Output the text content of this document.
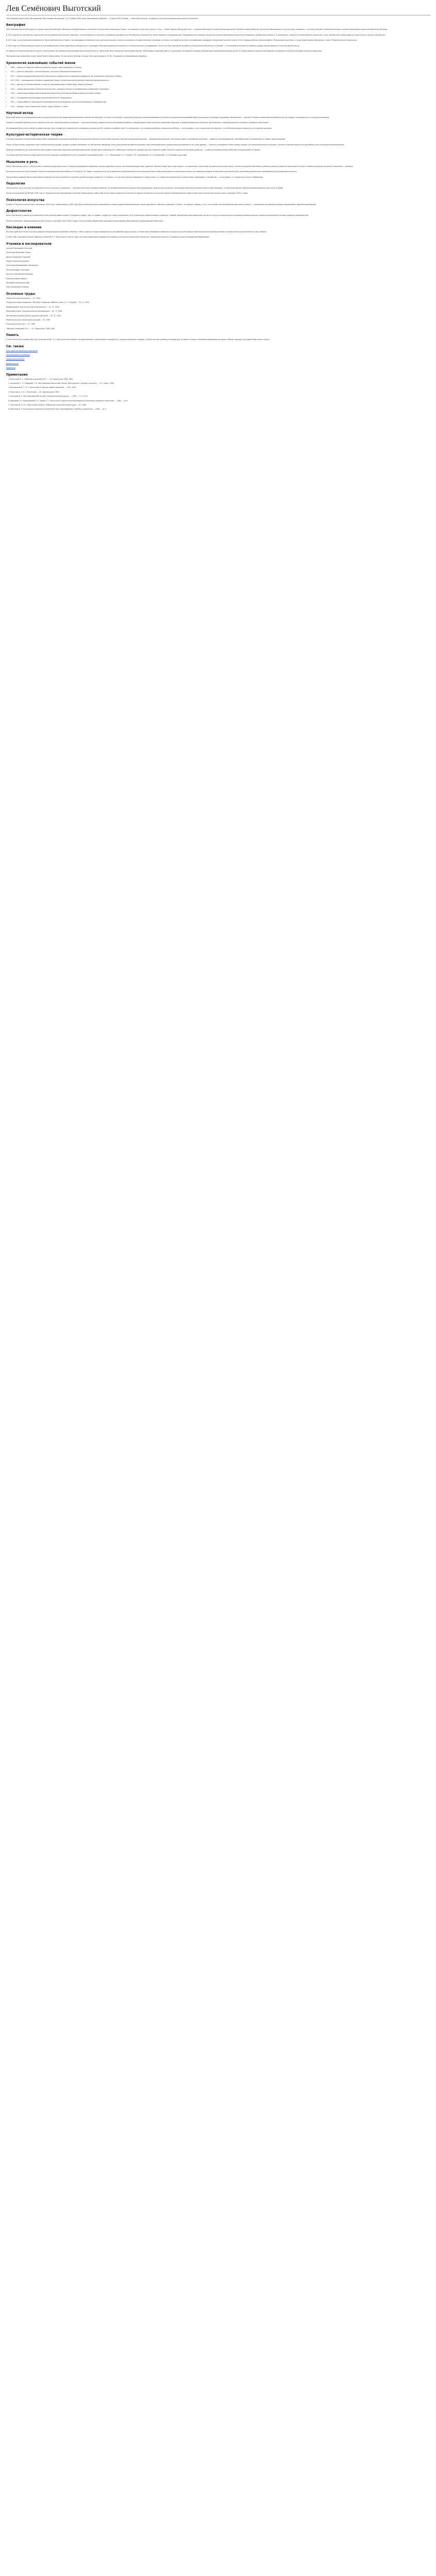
Лев Семёнович Выготский

Лев Семёнович Выготский (при рождении Лев Симхович Выгодский; 5 (17) ноября 1896, Орша, Могилёвская губерния — 11 июня 1934, Москва) — советский психолог, основатель культурно-исторической школы в психологии.

Биография

Лев Семёнович Выготский родился в городе Орша Могилёвской губернии в семье банковского служащего. Вскоре семья переехала в Гомель, где прошли его детство и юность. Отец — Семён Львович Выгодский, мать — Цецилия Моисеевна. В семье было восемь детей; Лев был вторым ребёнком. Начальное образование он получил дома, занимаясь с частным учителем Соломоном Ашпизом, который практиковал сократический метод обучения.

В 1913 году Выготский окончил гомельскую частную еврейскую мужскую гимназию с золотой медалью и поступил на медицинский факультет Московского университета, затем перевёлся на юридический. Одновременно он посещал лекции на историко-философском факультете Народного университета имени А. Л. Шанявского. Среди его интересов были литература, театр, лингвистика и философия; он много писал о театре и литературе.

В 1917 году, после окончания университета, Выготский вернулся в Гомель, где преподавал литературу и русский язык в школах, логику и психологию в педагогическом техникуме, эстетику и историю искусства в консерватории, руководил театральной частью в газете. В этот период им была написана работа «Психология искусства», а также подготовлены материалы к книге «Педагогическая психология».

В 1924 году на II Всероссийском съезде по психоневрологии в Ленинграде Выготский выступил с докладом «Методика рефлексологического и психологического исследования», после чего был приглашён на работу в Психологический институт в Москве. С этого времени начинается наиболее продуктивный период его научной деятельности.

Он работал в Психологическом институте, затем основал Экспериментальный дефектологический институт. Выготский читал лекции во многих вузах Москвы, Ленинграда и Харькова; вместе с учениками участвовал в создании Харьковской психоневрологической школы. Его идеи оказали значительное влияние на развитие отечественной дефектологии и педагогики.

Последние годы жизни Выготский тяжело болел туберкулёзом. Он скончался в Москве 11 июня 1934 года в возрасте 37 лет. Похоронен на Новодевичьем кладбище.

Хронология важнейших событий жизни
• 1896 — родился в Орше Могилёвской губернии; вскоре семья переезжает в Гомель.
• 1913 — окончил гимназию с золотой медалью, поступил в Московский университет.
• 1917 — окончил юридический факультет Московского университета и Народный университет им. Шанявского, вернулся в Гомель.
• 1917–1924 — преподавание в учебных заведениях Гомеля, литературно-критическая и издательская деятельность.
• 1924 — доклад на II Всероссийском съезде по психоневрологии в Ленинграде; переезд в Москву.
• 1925 — защита диссертации «Психология искусства»; поездка в Лондон на конференцию по обучению глухонемых.
• 1926 — организация лаборатории психологии аномального детства при Медико-педагогической станции.
• 1929 — Экспериментальный дефектологический институт Наркомпроса.
• 1931 — начало работы в Харьковской психоневрологической академии, участие в экспедициях в Среднюю Азию.
• 1934 — выходит книга «Мышление и речь»; умер в Москве 11 июня.
Научный вклад

Выготский является основоположником культурно-исторической теории развития высших психических функций. Согласно этой теории, психические функции человека развиваются в процессе социального взаимодействия и опосредуются знаками и орудиями, прежде всего — языком. Психика человека рассматривается им как продукт исторического и культурного развития.

Одной из ключевых идей Выготского является понятие «зоны ближайшего развития» — расстояния между уровнем актуального развития ребёнка, определяемым самостоятельно решаемыми задачами, и уровнем возможного развития, достигаемого с помощью взрослых или более способных сверстников.

Исследования Выготского в области дефектологии стали основой для современного понимания развития детей с особыми потребностями. Он подчёркивал, что основная проблема аномального ребёнка — не сам дефект, а его социальные последствия, и что обучение должно опираться на сохранные функции.

Культурно-историческая теория

В основе культурно-исторической теории лежит разделение психических функций на натуральные (низшие) и культурные (высшие). Высшие психические функции — произвольное внимание, логическая память, понятийное мышление — являются опосредованными, произвольными и социальными по своему происхождению.

Знаки, по Выготскому, выполняют роль психологических орудий, которые человек направляет на собственное поведение. Культурное развитие ребёнка проходит через интериоризацию: каждая функция появляется на сцене дважды — сначала в социальном плане, между людьми, как интерпсихическая категория, а затем в психологическом, внутри ребёнка, как категория интрапсихическая.

Развитие понимается как качественная перестройка психических функций и межфункциональных связей. Выготский выделял стабильные и кризисные периоды детского развития и ввёл понятие «социальной ситуации развития» — особого отношения между ребёнком и окружающей его средой.

Эти представления легли в основу деятельностного подхода, разработанного его учениками и последователями — А. Н. Леонтьевым, А. Р. Лурией, П. Я. Гальпериным, Д. Б. Элькониным, Л. И. Божович и другими.

Мышление и речь

Книга «Мышление и речь» (1934) является главным трудом Выготского. В ней рассматриваются проблемы генезиса мышления и речи, соотношения между ними, развития значения слова. Выготский показал, что мышление и речь имеют разные генетические корни, а затем в определённый момент развития линии их развития пересекаются и речь становится интеллектуальной, а мышление — речевым.

Центральное место в книге занимает анализ эгоцентрической речи ребёнка. В отличие от Ж. Пиаже, который считал её отражением эгоцентризма детского мышления, Выготский рассматривал эгоцентрическую речь как переходную форму от внешней к внутренней речи, выполняющую функцию планирования и регуляции деятельности.

Значительное внимание Выготский уделил развитию научных и житейских понятий у детей школьного возраста. Он показал, что научные понятия развиваются «сверху вниз», от словесного определения к конкретному содержанию, а житейские — «снизу вверх», от конкретного опыта к обобщению.

Педология

Значительная часть научного наследия Выготского относится к педологии — комплексной науке о развитии ребёнка. Он разрабатывал вопросы возрастной периодизации, диагностики развития, соотношения обучения и развития. Выготский утверждал, что обучение должно забегать вперёд развития и вести его за собой.

После постановления ЦК ВКП(б) 1936 года «О педологических извращениях в системе Наркомпросов» работы Выготского были подвергнуты критике и надолго исключены из научного оборота. Возвращение его идей в советскую психологию началось лишь в середине 1950-х годов.

Психология искусства

В работе «Психология искусства» (написана в 1925 году, опубликована в 1965 году) Выготский предложил оригинальную теорию художественной реакции. Анализируя басни, новеллы и трагедию «Гамлет», он пришёл к выводу о том, что в основе эстетической реакции лежит катарсис — разрешение противоречия между содержанием и формой произведения.

Дефектология

Выготский является одним из основателей отечественной дефектологии. Он выдвинул идею о том, что дефект создаёт не только ограничения, но и стимулы для компенсаторного развития. Главной задачей обучения аномальных детей он считал их социальную интеграцию и развитие высших психических функций на основе сохранных возможностей.

Многие положения, сформулированные им в статьях и докладах 1920–1930-х годов, легли в основу современных подходов к инклюзивному образованию и коррекционной педагогике.

Наследие и влияние

Научные идеи Выготского получили широкое международное признание. Начиная с 1960-х годов его труды переводятся на английский и другие языки, а теория зоны ближайшего развития и социокультурный подход к обучению оказали сильное влияние на педагогическую психологию в США и Европе.

В 1982–1984 годах было издано Собрание сочинений Л. С. Выготского в шести томах. Его идеи продолжают развиваться в рамках культурно-исторической психологии, теории деятельности и социокультурных исследований образования.

Ученики и последователи

Алексей Николаевич Леонтьев

Александр Романович Лурия

Даниил Борисович Эльконин

Лидия Ильинична Божович

Александр Владимирович Запорожец

Пётр Яковлевич Гальперин

Наталья Григорьевна Морозова

Роза Евгеньевна Левина

Жозефина Ильинична Шиф

Лия Соломоновна Славина

Основные труды

Педагогическая психология. — М., 1926.

Этюды по истории поведения: Обезьяна. Примитив. Ребёнок (совм. с А. Р. Лурией). — М.; Л., 1930.

Воображение и творчество в детском возрасте. — М.; Л., 1930.

Мышление и речь. Психологические исследования. — М.; Л., 1934.

Умственное развитие детей в процессе обучения. — М.; Л., 1935.

Развитие высших психических функций. — М., 1960.

Психология искусства. — М., 1965.

Собрание сочинений: В 6 т. — М.: Педагогика, 1982–1984.

Память

В честь Выготского названы Институт психологии им. Л. С. Выготского Российского государственного гуманитарного университета, улицы в нескольких городах, а также научные премии и конференции. В Гомеле и Орше установлены мемориальные доски, в Москве проходят регулярные Выготские чтения.

См. также

Культурно-историческая психология

Зона ближайшего развития

Теория деятельности

Дефектология

Педология

Примечания
1. Выготский Л. С. Собрание сочинений: В 6 т. — М.: Педагогика, 1982–1984.
2. Выгодская Г. Л., Лифанова Т. М. Лев Семёнович Выготский: Жизнь. Деятельность. Штрихи к портрету. — М.: Смысл, 1996.
3. Ярошевский М. Г. Л. С. Выготский: в поисках новой психологии. — СПб., 1993.
4. Леонтьев А. А. Л. С. Выготский. — М.: Просвещение, 1990.
5. Кольцова В. А. Лев Семёнович Выготский // Психологический журнал. — 1996. — Т. 17, № 6.
6. Давыдов В. В., Радзиховский Л. А. Теория Л. С. Выготского и деятельностный подход в психологии // Вопросы психологии. — 1980. — № 6.
7. Эльконин Д. Б. Л. С. Выготский сегодня // Избранные психологические труды. — М., 1989.
8. Зинченко В. П. Культурно-историческая психология: опыт амплификации // Вопросы психологии. — 1993. — № 4.
